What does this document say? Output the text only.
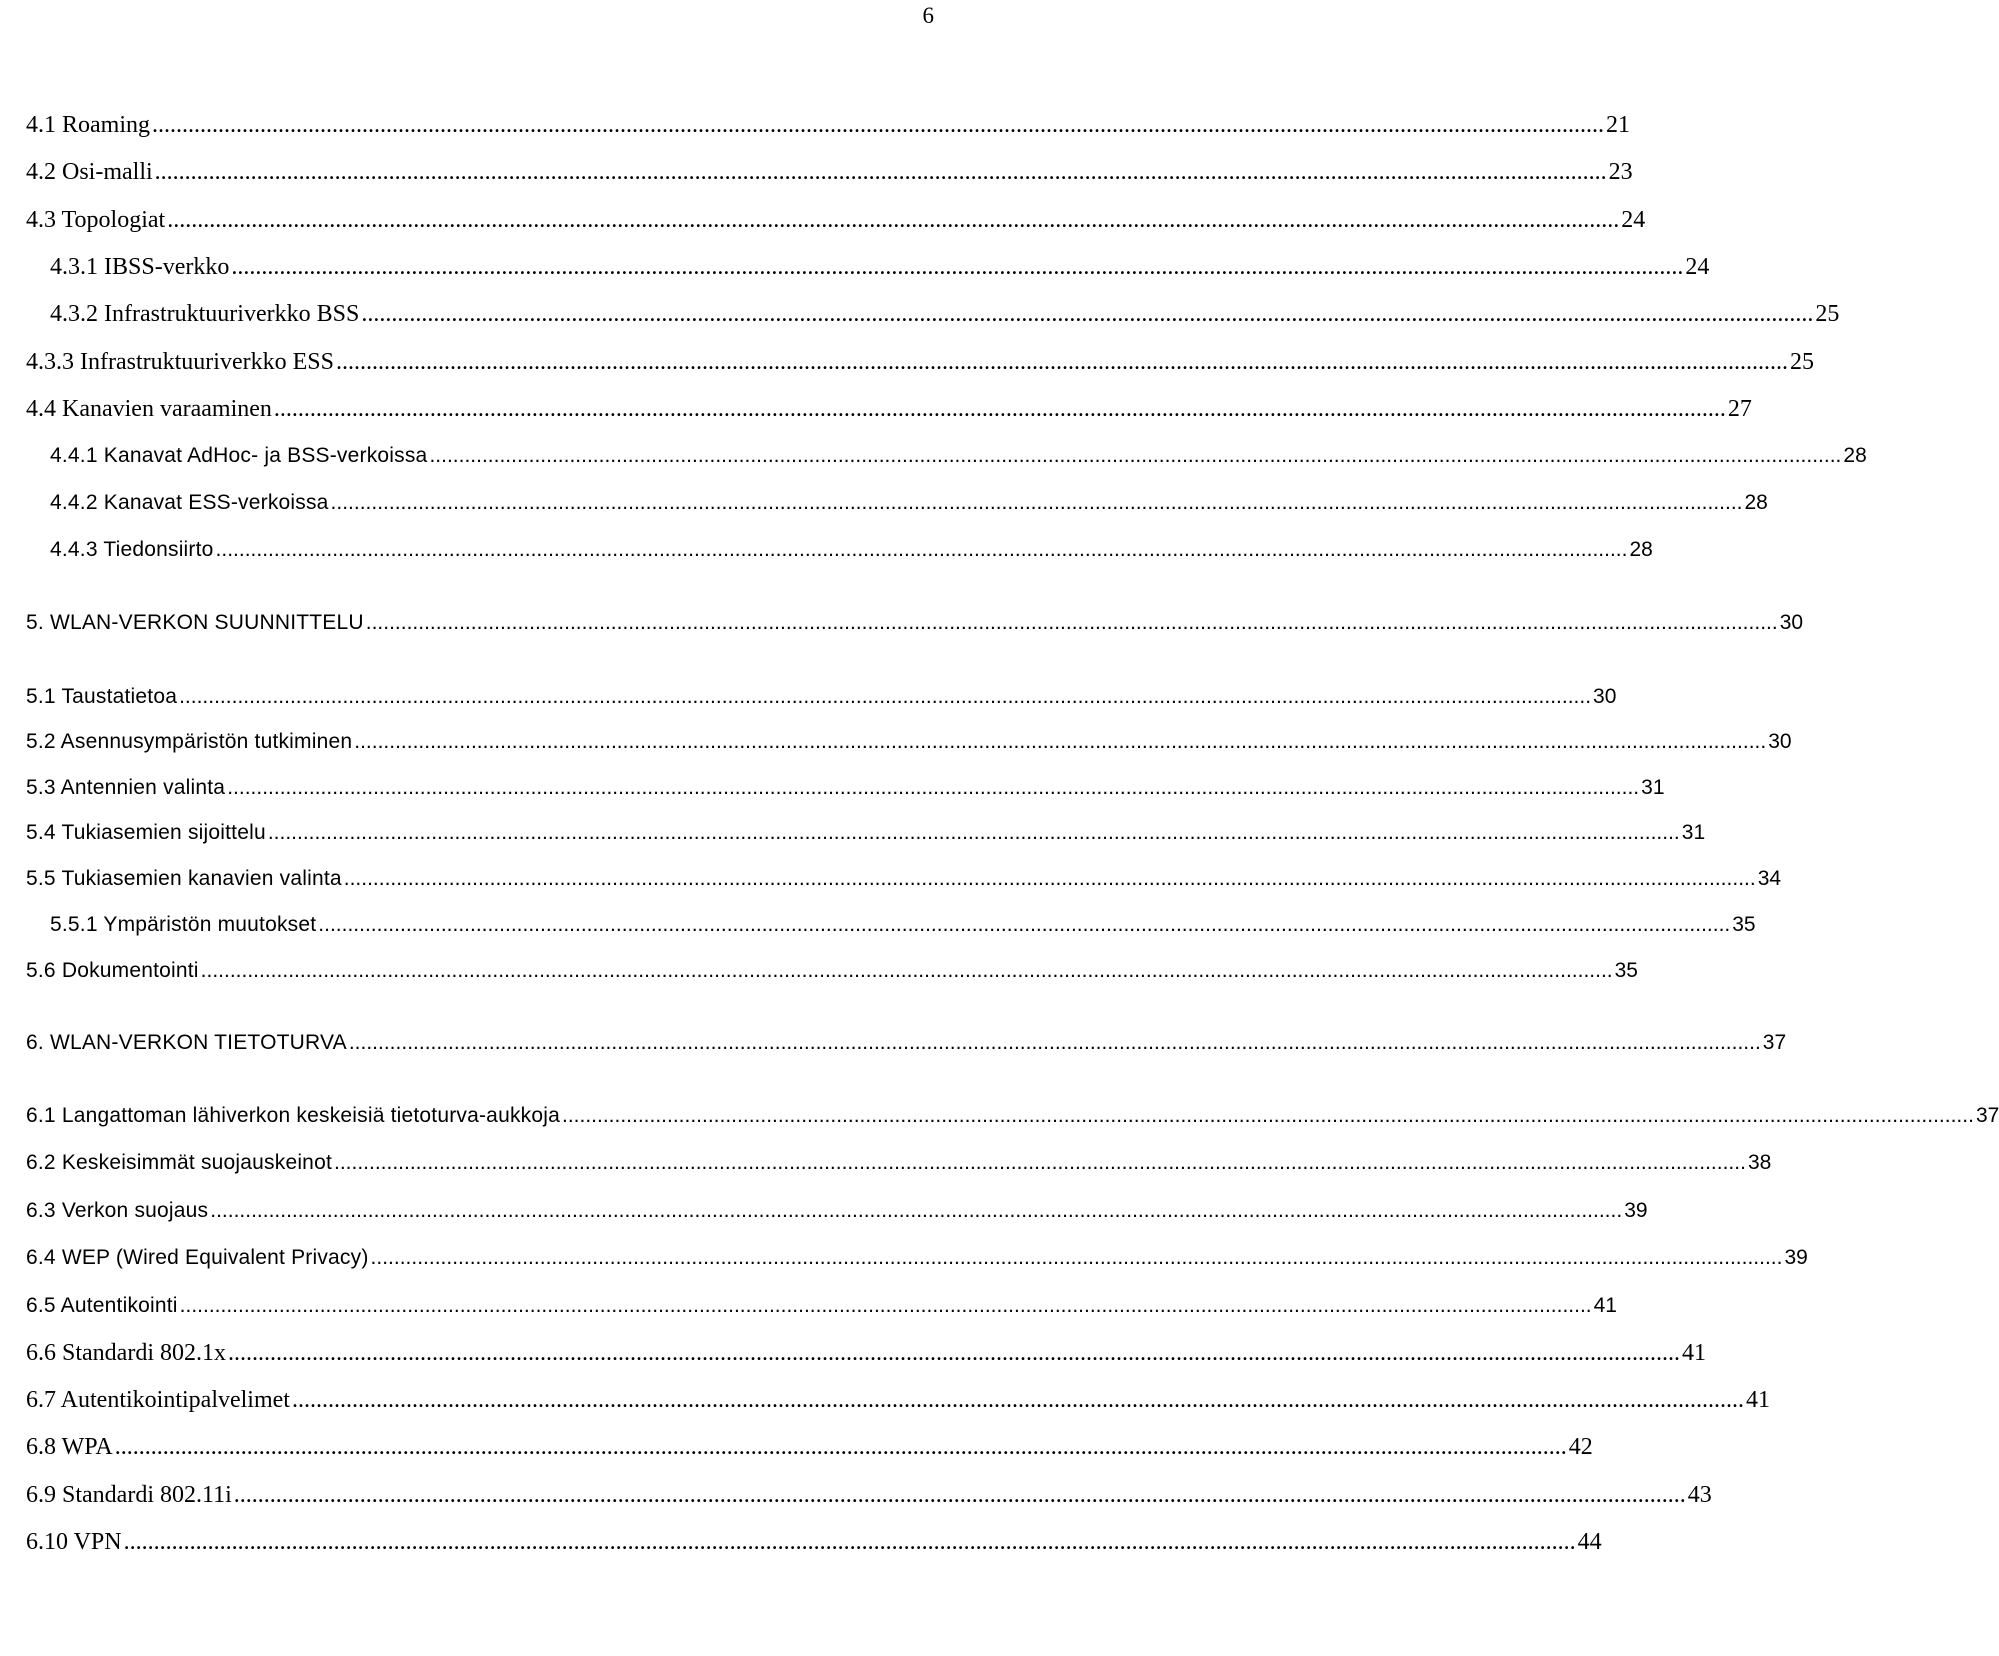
6
4.1 Roaming .................................................................................................................................................................................................................................................. 21
4.2 Osi-malli .................................................................................................................................................................................................................................................. 23
4.3 Topologiat .................................................................................................................................................................................................................................................. 24
4.3.1 IBSS-verkko .................................................................................................................................................................................................................................................. 24
4.3.2 Infrastruktuuriverkko BSS .................................................................................................................................................................................................................................................. 25
4.3.3 Infrastruktuuriverkko ESS .................................................................................................................................................................................................................................................. 25
4.4 Kanavien varaaminen .................................................................................................................................................................................................................................................. 27
4.4.1 Kanavat AdHoc- ja BSS-verkoissa .................................................................................................................................................................................................................................................. 28
4.4.2 Kanavat ESS-verkoissa .................................................................................................................................................................................................................................................. 28
4.4.3 Tiedonsiirto .................................................................................................................................................................................................................................................. 28
5. WLAN-VERKON SUUNNITTELU .................................................................................................................................................................................................................................................. 30
5.1 Taustatietoa .................................................................................................................................................................................................................................................. 30
5.2 Asennusympäristön tutkiminen .................................................................................................................................................................................................................................................. 30
5.3 Antennien valinta .................................................................................................................................................................................................................................................. 31
5.4 Tukiasemien sijoittelu .................................................................................................................................................................................................................................................. 31
5.5 Tukiasemien kanavien valinta .................................................................................................................................................................................................................................................. 34
5.5.1 Ympäristön muutokset .................................................................................................................................................................................................................................................. 35
5.6 Dokumentointi .................................................................................................................................................................................................................................................. 35
6. WLAN-VERKON TIETOTURVA .................................................................................................................................................................................................................................................. 37
6.1 Langattoman lähiverkon keskeisiä tietoturva-aukkoja .................................................................................................................................................................................................................................................. 37
6.2 Keskeisimmät suojauskeinot .................................................................................................................................................................................................................................................. 38
6.3 Verkon suojaus .................................................................................................................................................................................................................................................. 39
6.4 WEP (Wired Equivalent Privacy) .................................................................................................................................................................................................................................................. 39
6.5 Autentikointi .................................................................................................................................................................................................................................................. 41
6.6 Standardi 802.1x .................................................................................................................................................................................................................................................. 41
6.7 Autentikointipalvelimet .................................................................................................................................................................................................................................................. 41
6.8 WPA .................................................................................................................................................................................................................................................. 42
6.9 Standardi 802.11i .................................................................................................................................................................................................................................................. 43
6.10 VPN .................................................................................................................................................................................................................................................. 44
